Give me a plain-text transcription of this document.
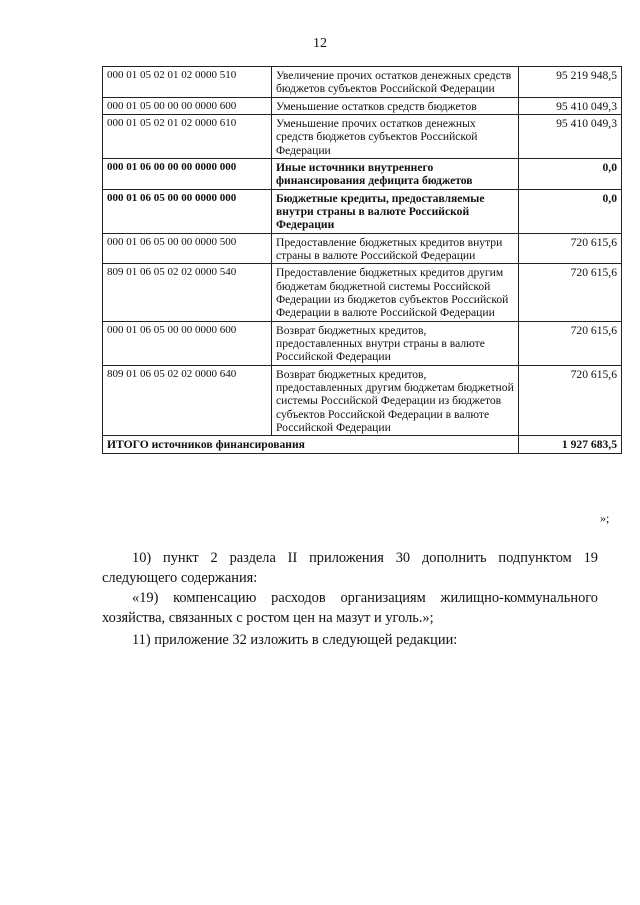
12
000 01 05 02 01 02 0000 510	Увеличение прочих остатков денежных средств бюджетов субъектов Российской Федерации	95 219 948,5
000 01 05 00 00 00 0000 600	Уменьшение остатков средств бюджетов	95 410 049,3
000 01 05 02 01 02 0000 610	Уменьшение прочих остатков денежных средств бюджетов субъектов Российской Федерации	95 410 049,3
000 01 06 00 00 00 0000 000	Иные источники внутреннего финансирования дефицита бюджетов	0,0
000 01 06 05 00 00 0000 000	Бюджетные кредиты, предоставляемые внутри страны в валюте Российской Федерации	0,0
000 01 06 05 00 00 0000 500	Предоставление бюджетных кредитов внутри страны в валюте Российской Федерации	720 615,6
809 01 06 05 02 02 0000 540	Предоставление бюджетных кредитов другим бюджетам бюджетной системы Российской Федерации из бюджетов субъектов Российской Федерации в валюте Российской Федерации	720 615,6
000 01 06 05 00 00 0000 600	Возврат бюджетных кредитов, предоставленных внутри страны в валюте Российской Федерации	720 615,6
809 01 06 05 02 02 0000 640	Возврат бюджетных кредитов, предоставленных другим бюджетам бюджетной системы Российской Федерации из бюджетов субъектов Российской Федерации в валюте Российской Федерации	720 615,6
ИТОГО источников финансирования		1 927 683,5
»;
10) пункт 2 раздела II приложения 30 дополнить подпунктом 19 следующего содержания:
«19) компенсацию расходов организациям жилищно-коммунального хозяйства, связанных с ростом цен на мазут и уголь.»;
11) приложение 32 изложить в следующей редакции:
